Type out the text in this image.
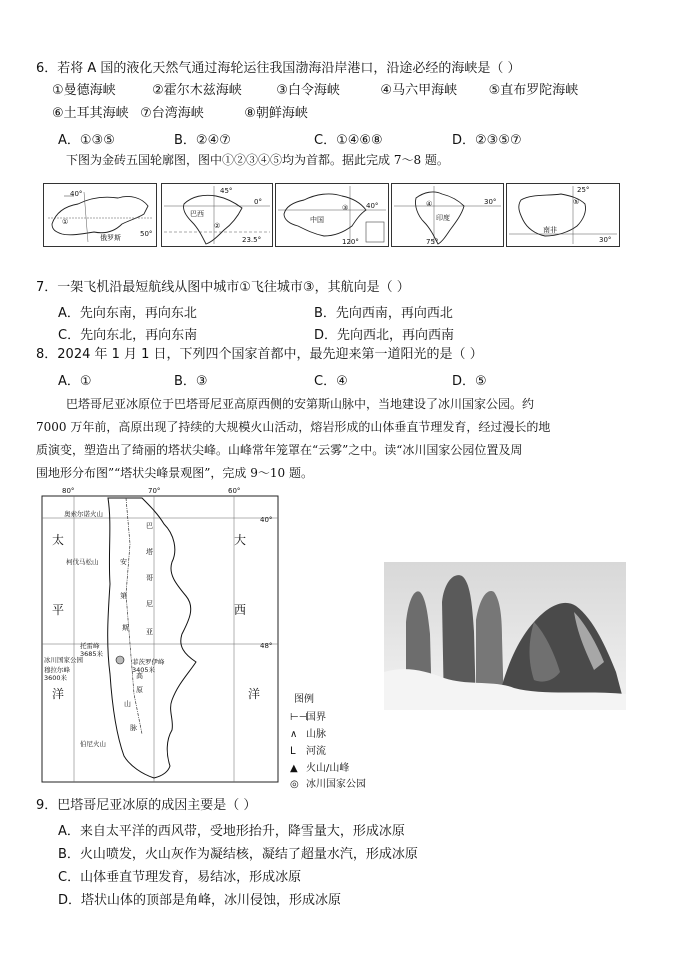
6．若将 A 国的液化天然气通过海轮运往我国渤海沿岸港口，沿途必经的海峡是（ ）
①曼德海峡	②霍尔木兹海峡	③白令海峡	④马六甲海峡 ⑤直布罗陀海峡
⑥土耳其海峡 ⑦台湾海峡	⑧朝鲜海峡
A．①③⑤	B．②④⑦	C．①④⑥⑧	D．②③⑤⑦
下图为金砖五国轮廓图，图中①②③④⑤均为首都。据此完成 7～8 题。
40°
50°
①
俄罗斯
45°
0°
23.5°
巴西
②
40°
120°
中国
③
30°
75°
印度
④
25°
30°
南非
⑤
7．一架飞机沿最短航线从图中城市①飞往城市③，其航向是（ ）
A．先向东南，再向东北	B．先向西南，再向西北
C．先向东北，再向东南	D．先向西北，再向西南
8．2024 年 1 月 1 日，下列四个国家首都中，最先迎来第一道阳光的是（ ）
A．①	B．③	C．④	D．⑤
巴塔哥尼亚冰原位于巴塔哥尼亚高原西侧的安第斯山脉中，当地建设了冰川国家公园。约
7000 万年前，高原出现了持续的大规模火山活动，熔岩形成的山体垂直节理发育，经过漫长的地
质演变，塑造出了绮丽的塔状尖峰。山峰常年笼罩在“云雾”之中。读“冰川国家公园位置及周
围地形分布图”“塔状尖峰景观图”，完成 9～10 题。
80°	70°	60°
40°
48°
太
平
洋
大
西
洋
巴
塔
哥
尼
亚
安
第
斯
山
脉
高
原
奥索尔诺火山
柯伐马松山
托雷峰
3685米
冰川国家公园
穆拉尔峰
3600米
菲茨罗伊峰
3405米
伯尼火山
图例
⊢⊣国界
∧ 山脉
ᒪ 河流
▲ 火山/山峰
◎ 冰川国家公园
9．巴塔哥尼亚冰原的成因主要是（ ）
A．来自太平洋的西风带，受地形抬升，降雪量大，形成冰原
B．火山喷发，火山灰作为凝结核，凝结了超量水汽，形成冰原
C．山体垂直节理发育，易结冰，形成冰原
D．塔状山体的顶部是角峰，冰川侵蚀，形成冰原
